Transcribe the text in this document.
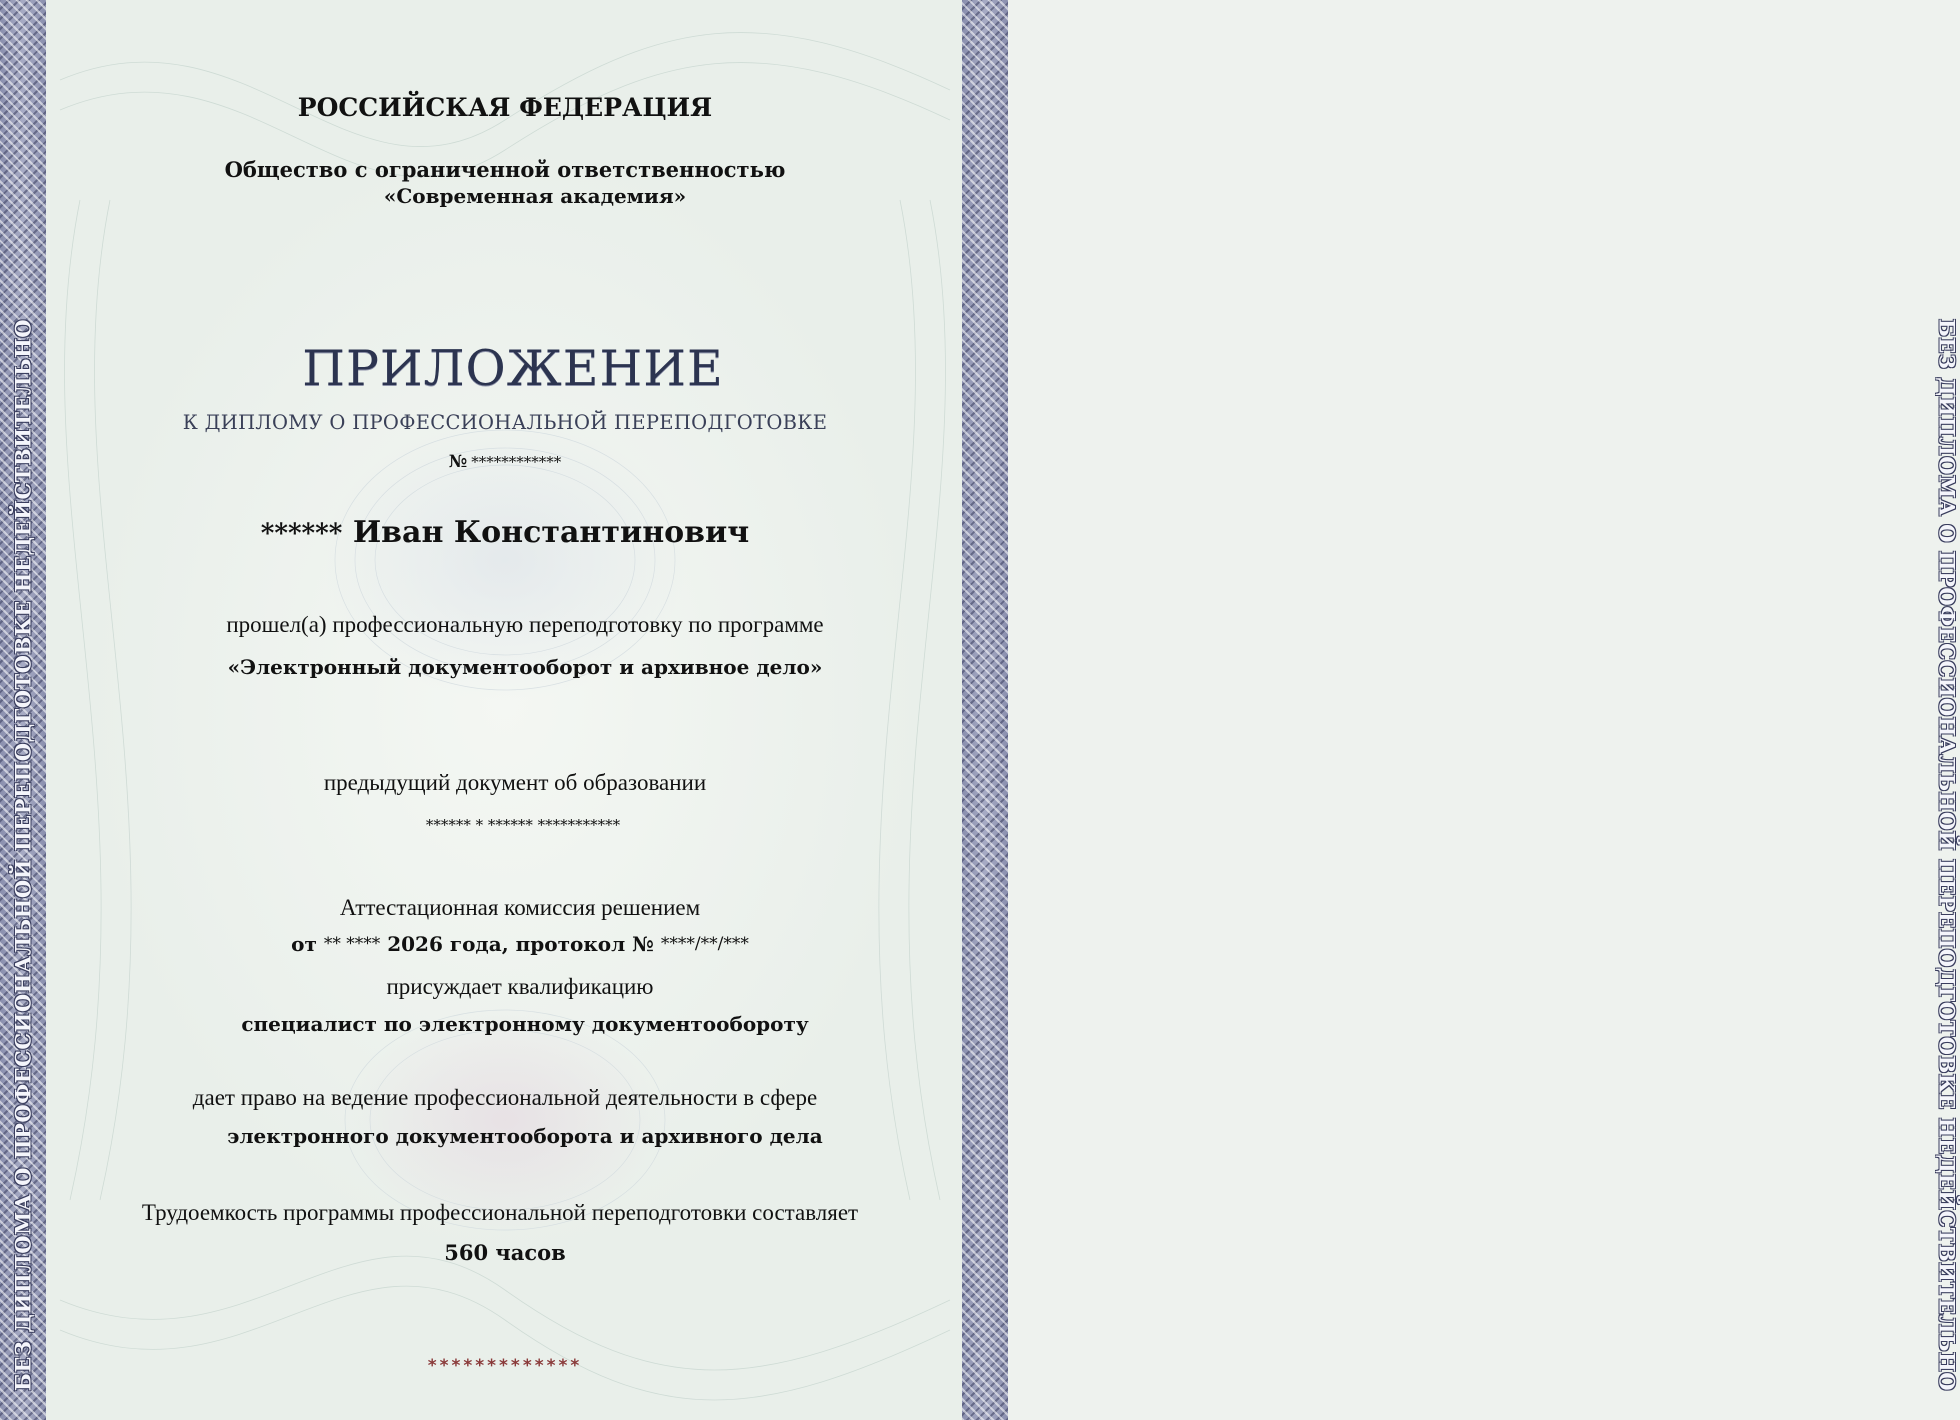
БЕЗ ДИПЛОМА О ПРОФЕССИОНАЛЬНОЙ ПЕРЕПОДГОТОВКЕ НЕДЕЙСТВИТЕЛЬНО	БЕЗ ДИПЛОМА О ПРОФЕССИОНАЛЬНОЙ ПЕРЕПОДГОТОВКЕ НЕДЕЙСТВИТЕЛЬНО

РОССИЙСКАЯ ФЕДЕРАЦИЯ

Общество с ограниченной ответственностью

«Современная академия»

ПРИЛОЖЕНИЕ

К ДИПЛОМУ О ПРОФЕССИОНАЛЬНОЙ ПЕРЕПОДГОТОВКЕ

№ ************

****** Иван Константинович

прошел(а) профессиональную переподготовку по программе

«Электронный документооборот и архивное дело»

предыдущий документ об образовании

****** * ****** ***********

Аттестационная комиссия решением

от ** **** 2026 года, протокол № ****/**/***

присуждает квалификацию

специалист по электронному документообороту

дает право на ведение профессиональной деятельности в сфере

электронного документооборота и архивного дела

Трудоемкость программы профессиональной переподготовки составляет

560 часов

*************
